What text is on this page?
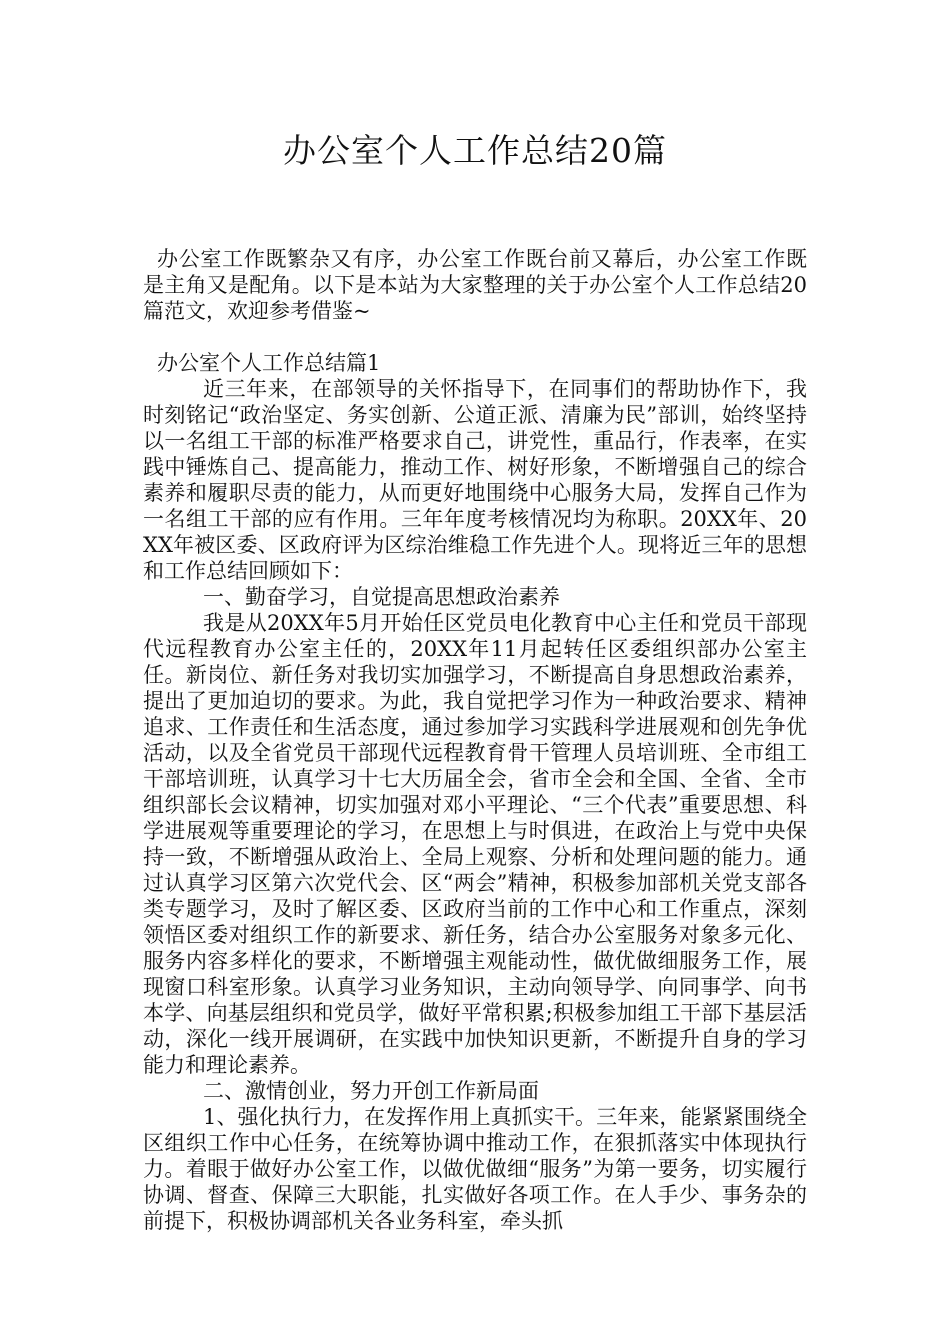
办公室个人工作总结20篇

办公室工作既繁杂又有序，办公室工作既台前又幕后，办公室工作既是主角又是配角。以下是本站为大家整理的关于办公室个人工作总结20篇范文，欢迎参考借鉴~

办公室个人工作总结篇1

近三年来，在部领导的关怀指导下，在同事们的帮助协作下，我时刻铭记“政治坚定、务实创新、公道正派、清廉为民”部训，始终坚持以一名组工干部的标准严格要求自己，讲党性，重品行，作表率，在实践中锤炼自己、提高能力，推动工作、树好形象，不断增强自己的综合素养和履职尽责的能力，从而更好地围绕中心服务大局，发挥自己作为一名组工干部的应有作用。三年年度考核情况均为称职。20XX年、20XX年被区委、区政府评为区综治维稳工作先进个人。现将近三年的思想和工作总结回顾如下：

一、勤奋学习，自觉提高思想政治素养

我是从20XX年5月开始任区党员电化教育中心主任和党员干部现代远程教育办公室主任的，20XX年11月起转任区委组织部办公室主任。新岗位、新任务对我切实加强学习，不断提高自身思想政治素养，提出了更加迫切的要求。为此，我自觉把学习作为一种政治要求、精神追求、工作责任和生活态度，通过参加学习实践科学进展观和创先争优活动，以及全省党员干部现代远程教育骨干管理人员培训班、全市组工干部培训班，认真学习十七大历届全会，省市全会和全国、全省、全市组织部长会议精神，切实加强对邓小平理论、“三个代表”重要思想、科学进展观等重要理论的学习，在思想上与时俱进，在政治上与党中央保持一致，不断增强从政治上、全局上观察、分析和处理问题的能力。通过认真学习区第六次党代会、区“两会”精神，积极参加部机关党支部各类专题学习，及时了解区委、区政府当前的工作中心和工作重点，深刻领悟区委对组织工作的新要求、新任务，结合办公室服务对象多元化、服务内容多样化的要求，不断增强主观能动性，做优做细服务工作，展现窗口科室形象。认真学习业务知识，主动向领导学、向同事学、向书本学、向基层组织和党员学，做好平常积累;积极参加组工干部下基层活动，深化一线开展调研，在实践中加快知识更新，不断提升自身的学习能力和理论素养。

二、激情创业，努力开创工作新局面

1、强化执行力，在发挥作用上真抓实干。三年来，能紧紧围绕全区组织工作中心任务，在统筹协调中推动工作，在狠抓落实中体现执行力。着眼于做好办公室工作，以做优做细“服务”为第一要务，切实履行协调、督查、保障三大职能，扎实做好各项工作。在人手少、事务杂的前提下，积极协调部机关各业务科室，牵头抓
